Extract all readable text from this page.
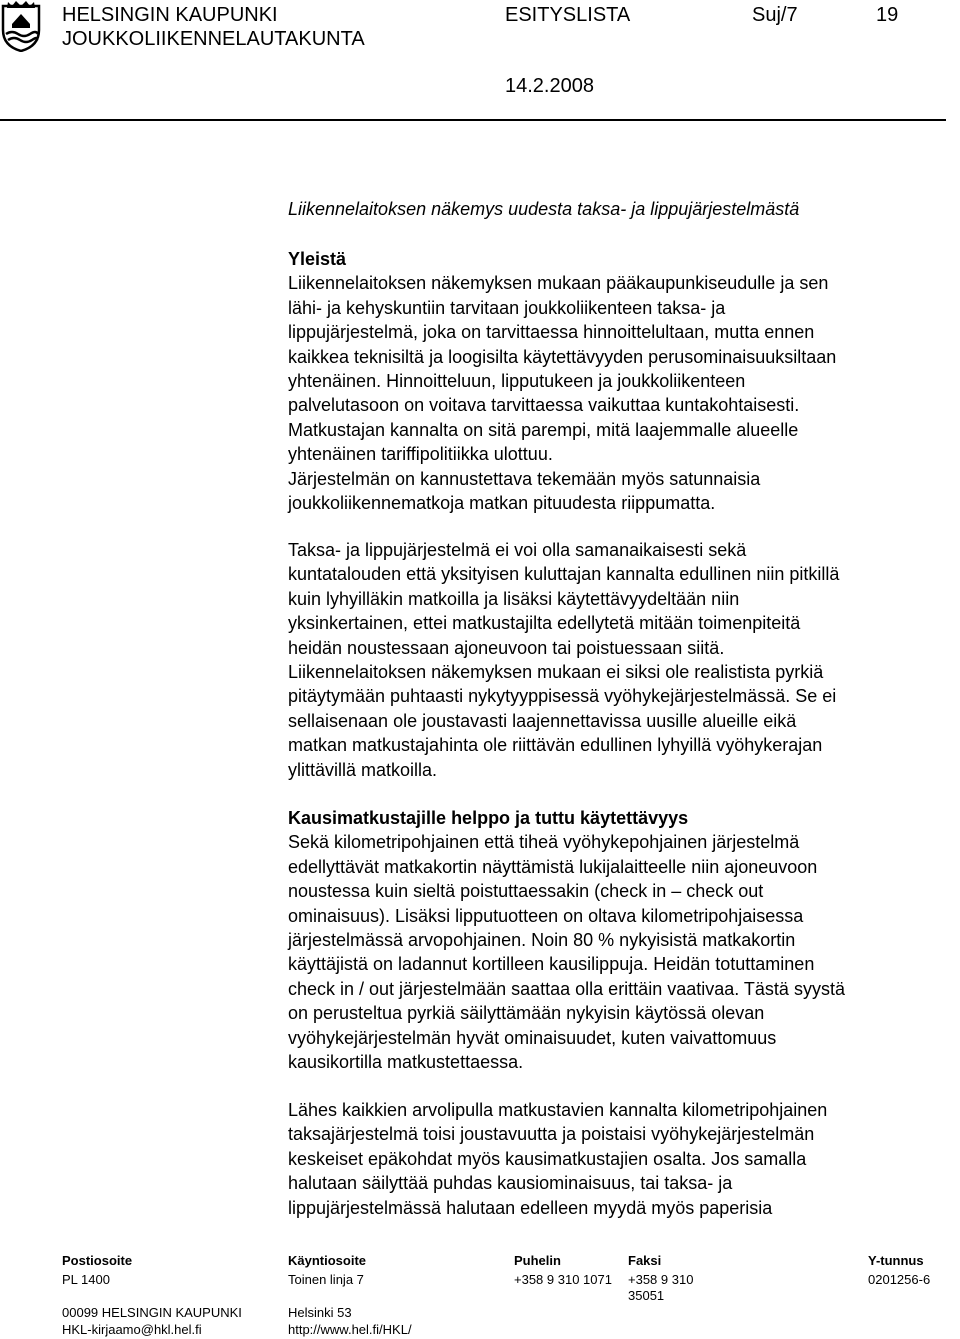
HELSINGIN KAUPUNKI
JOUKKOLIIKENNELAUTAKUNTA
ESITYSLISTA	Suj/7	19
14.2.2008

Liikennelaitoksen näkemys uudesta taksa- ja lippujärjestelmästä

Yleistä

Liikennelaitoksen näkemyksen mukaan pääkaupunkiseudulle ja sen

lähi- ja kehyskuntiin tarvitaan joukkoliikenteen taksa- ja

lippujärjestelmä, joka on tarvittaessa hinnoittelultaan, mutta ennen

kaikkea teknisiltä ja loogisilta käytettävyyden perusominaisuuksiltaan

yhtenäinen. Hinnoitteluun, lipputukeen ja joukkoliikenteen

palvelutasoon on voitava tarvittaessa vaikuttaa kuntakohtaisesti.

Matkustajan kannalta on sitä parempi, mitä laajemmalle alueelle

yhtenäinen tariffipolitiikka ulottuu.

Järjestelmän on kannustettava tekemään myös satunnaisia

joukkoliikennematkoja matkan pituudesta riippumatta.

Taksa- ja lippujärjestelmä ei voi olla samanaikaisesti sekä

kuntatalouden että yksityisen kuluttajan kannalta edullinen niin pitkillä

kuin lyhyilläkin matkoilla ja lisäksi käytettävyydeltään niin

yksinkertainen, ettei matkustajilta edellytetä mitään toimenpiteitä

heidän noustessaan ajoneuvoon tai poistuessaan siitä.

Liikennelaitoksen näkemyksen mukaan ei siksi ole realistista pyrkiä

pitäytymään puhtaasti nykytyyppisessä vyöhykejärjestelmässä. Se ei

sellaisenaan ole joustavasti laajennettavissa uusille alueille eikä

matkan matkustajahinta ole riittävän edullinen lyhyillä vyöhykerajan

ylittävillä matkoilla.

Kausimatkustajille helppo ja tuttu käytettävyys

Sekä kilometripohjainen että tiheä vyöhykepohjainen järjestelmä

edellyttävät matkakortin näyttämistä lukijalaitteelle niin ajoneuvoon

noustessa kuin sieltä poistuttaessakin (check in – check out

ominaisuus). Lisäksi lipputuotteen on oltava kilometripohjaisessa

järjestelmässä arvopohjainen. Noin 80 % nykyisistä matkakortin

käyttäjistä on ladannut kortilleen kausilippuja. Heidän totuttaminen

check in / out järjestelmään saattaa olla erittäin vaativaa. Tästä syystä

on perusteltua pyrkiä säilyttämään nykyisin käytössä olevan

vyöhykejärjestelmän hyvät ominaisuudet, kuten vaivattomuus

kausikortilla matkustettaessa.

Lähes kaikkien arvolipulla matkustavien kannalta kilometripohjainen

taksajärjestelmä toisi joustavuutta ja poistaisi vyöhykejärjestelmän

keskeiset epäkohdat myös kausimatkustajien osalta. Jos samalla

halutaan säilyttää puhdas kausiominaisuus, tai taksa- ja

lippujärjestelmässä halutaan edelleen myydä myös paperisia

Postiosoite
PL 1400
00099 HELSINGIN KAUPUNKI
HKL-kirjaamo@hkl.hel.fi
Käyntiosoite
Toinen linja 7
Helsinki 53
http://www.hel.fi/HKL/
Puhelin
+358 9 310 1071
Faksi
+358 9 310
35051
Y-tunnus
0201256-6
